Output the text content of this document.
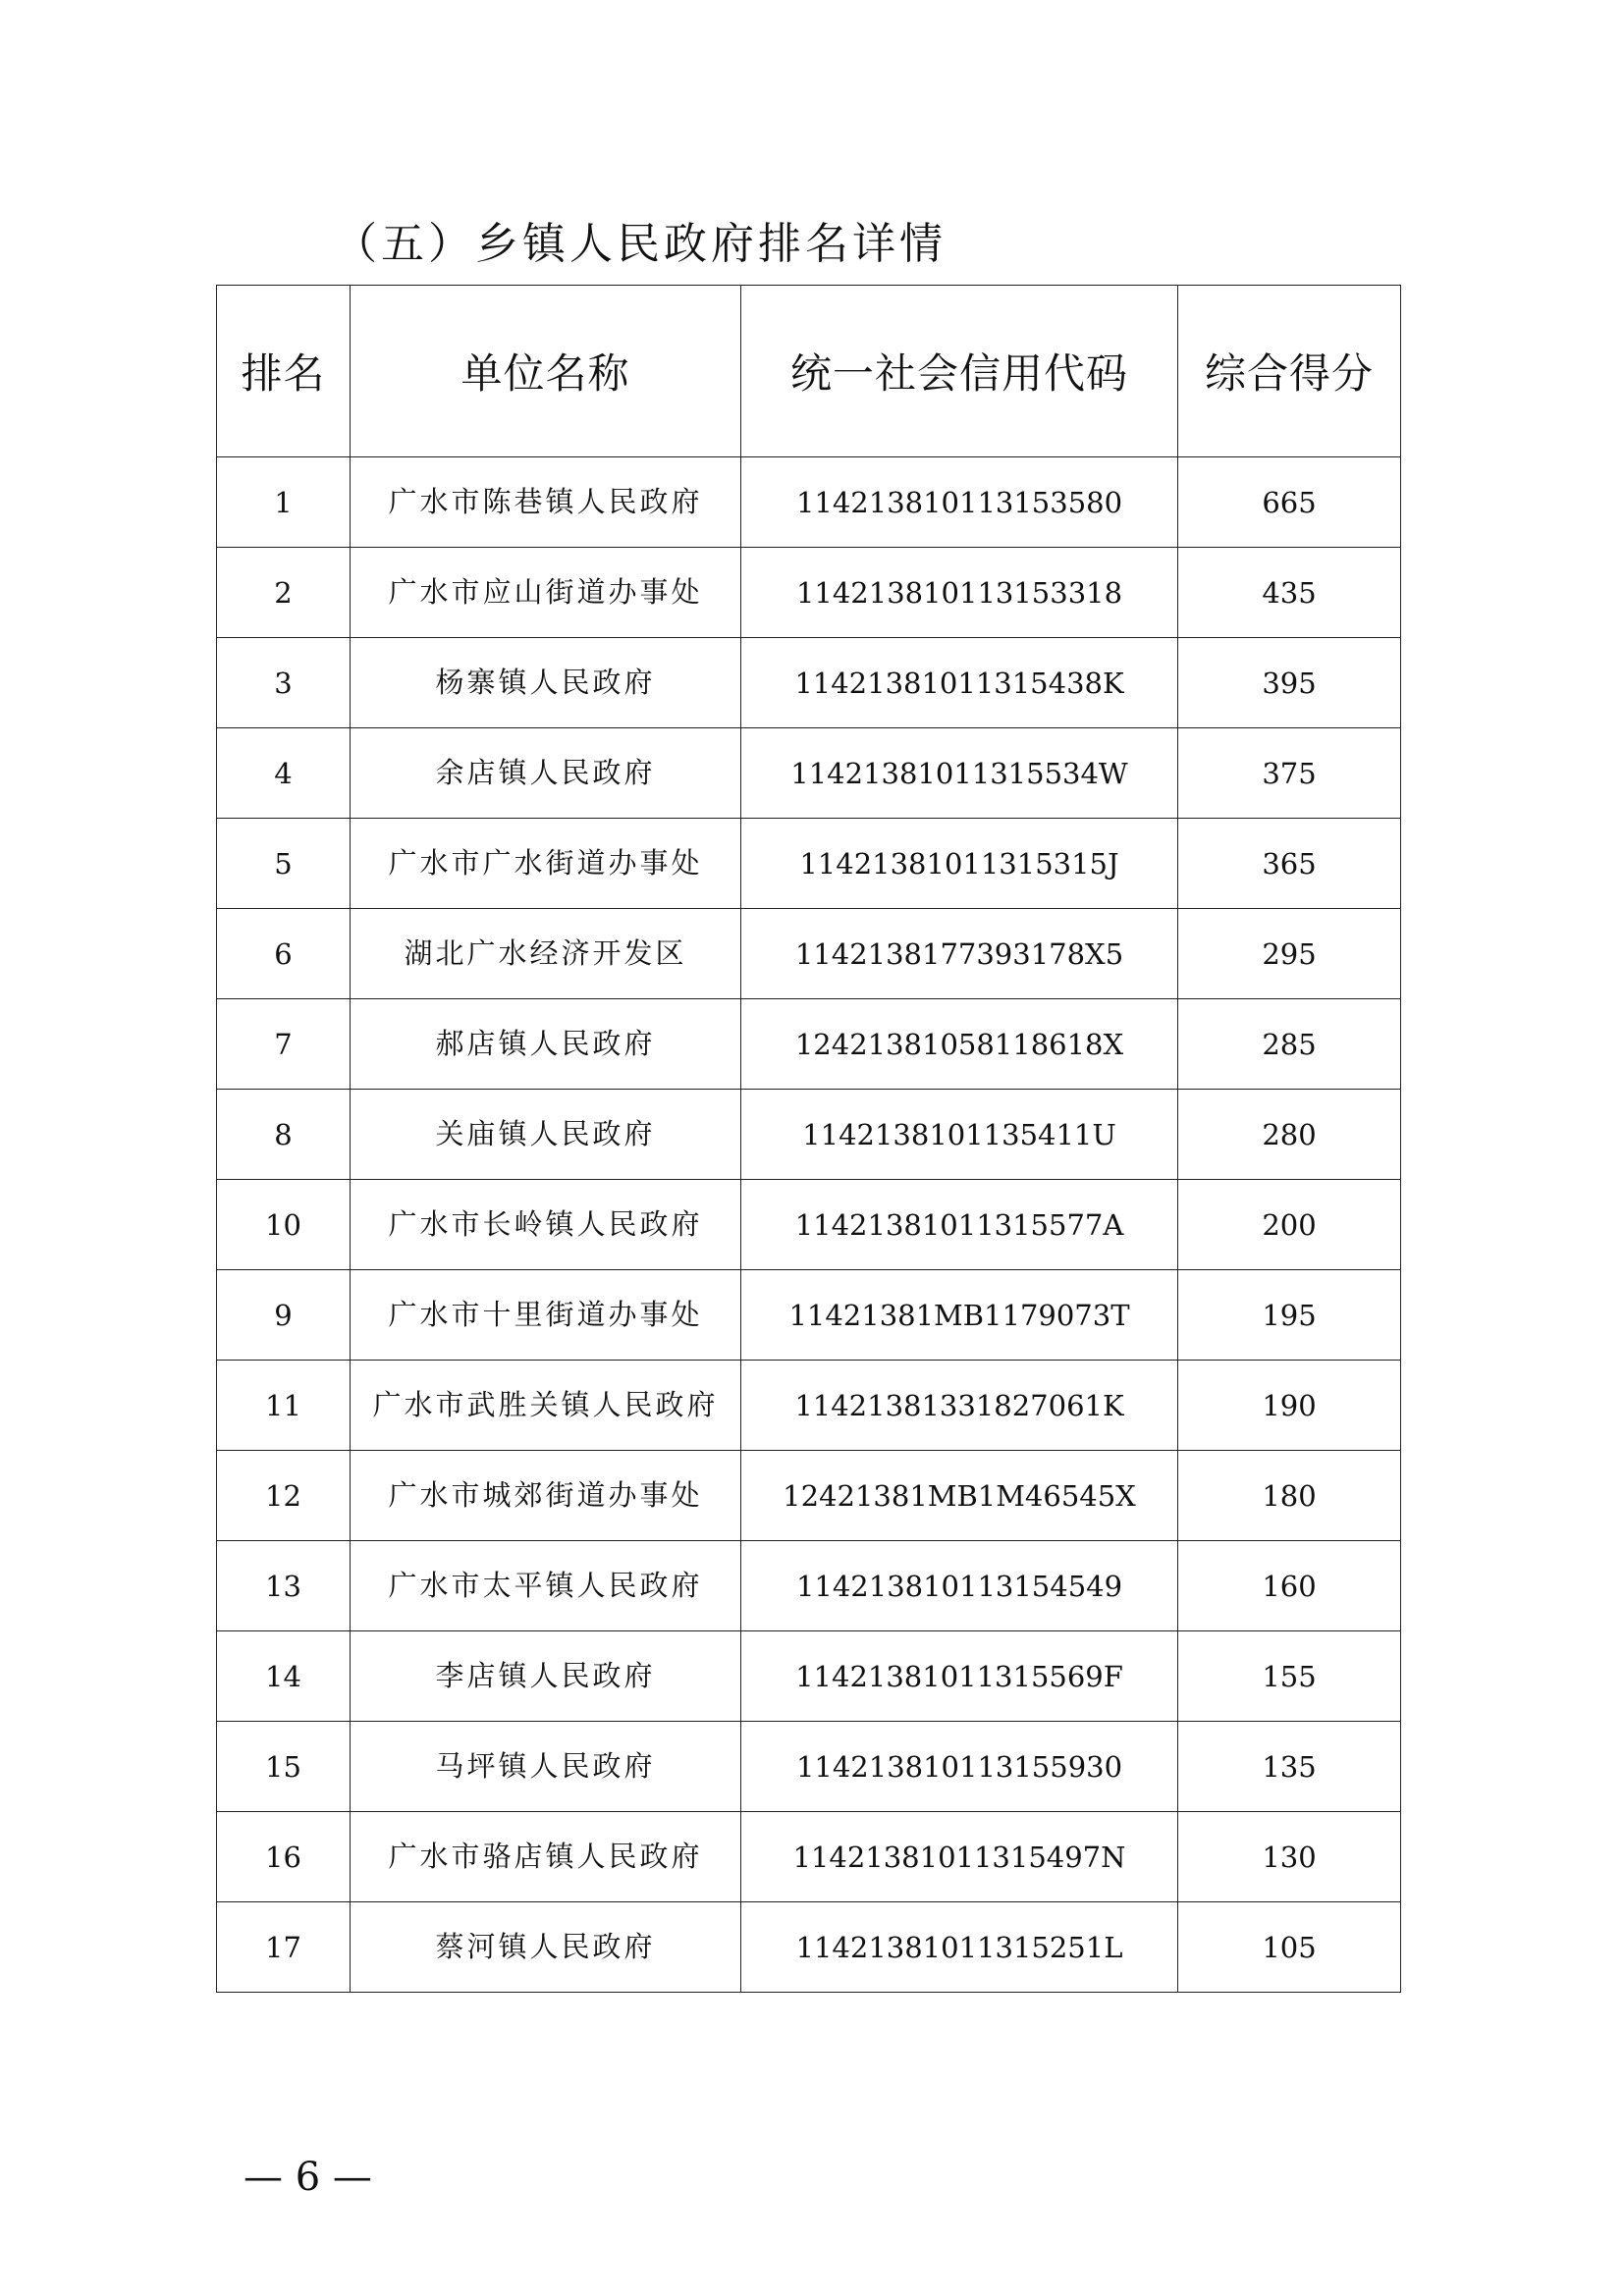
（五）乡镇人民政府排名详情
排名	单位名称	统一社会信用代码	综合得分
1	广水市陈巷镇人民政府	114213810113153580	665
2	广水市应山街道办事处	114213810113153318	435
3	杨寨镇人民政府	11421381011315438K	395
4	余店镇人民政府	11421381011315534W	375
5	广水市广水街道办事处	11421381011315315J	365
6	湖北广水经济开发区	1142138177393178X5	295
7	郝店镇人民政府	12421381058118618X	285
8	关庙镇人民政府	1142138101135411U	280
10	广水市长岭镇人民政府	11421381011315577A	200
9	广水市十里街道办事处	11421381MB1179073T	195
11	广水市武胜关镇人民政府	11421381331827061K	190
12	广水市城郊街道办事处	12421381MB1M46545X	180
13	广水市太平镇人民政府	114213810113154549	160
14	李店镇人民政府	11421381011315569F	155
15	马坪镇人民政府	114213810113155930	135
16	广水市骆店镇人民政府	11421381011315497N	130
17	蔡河镇人民政府	11421381011315251L	105
— 6 —
